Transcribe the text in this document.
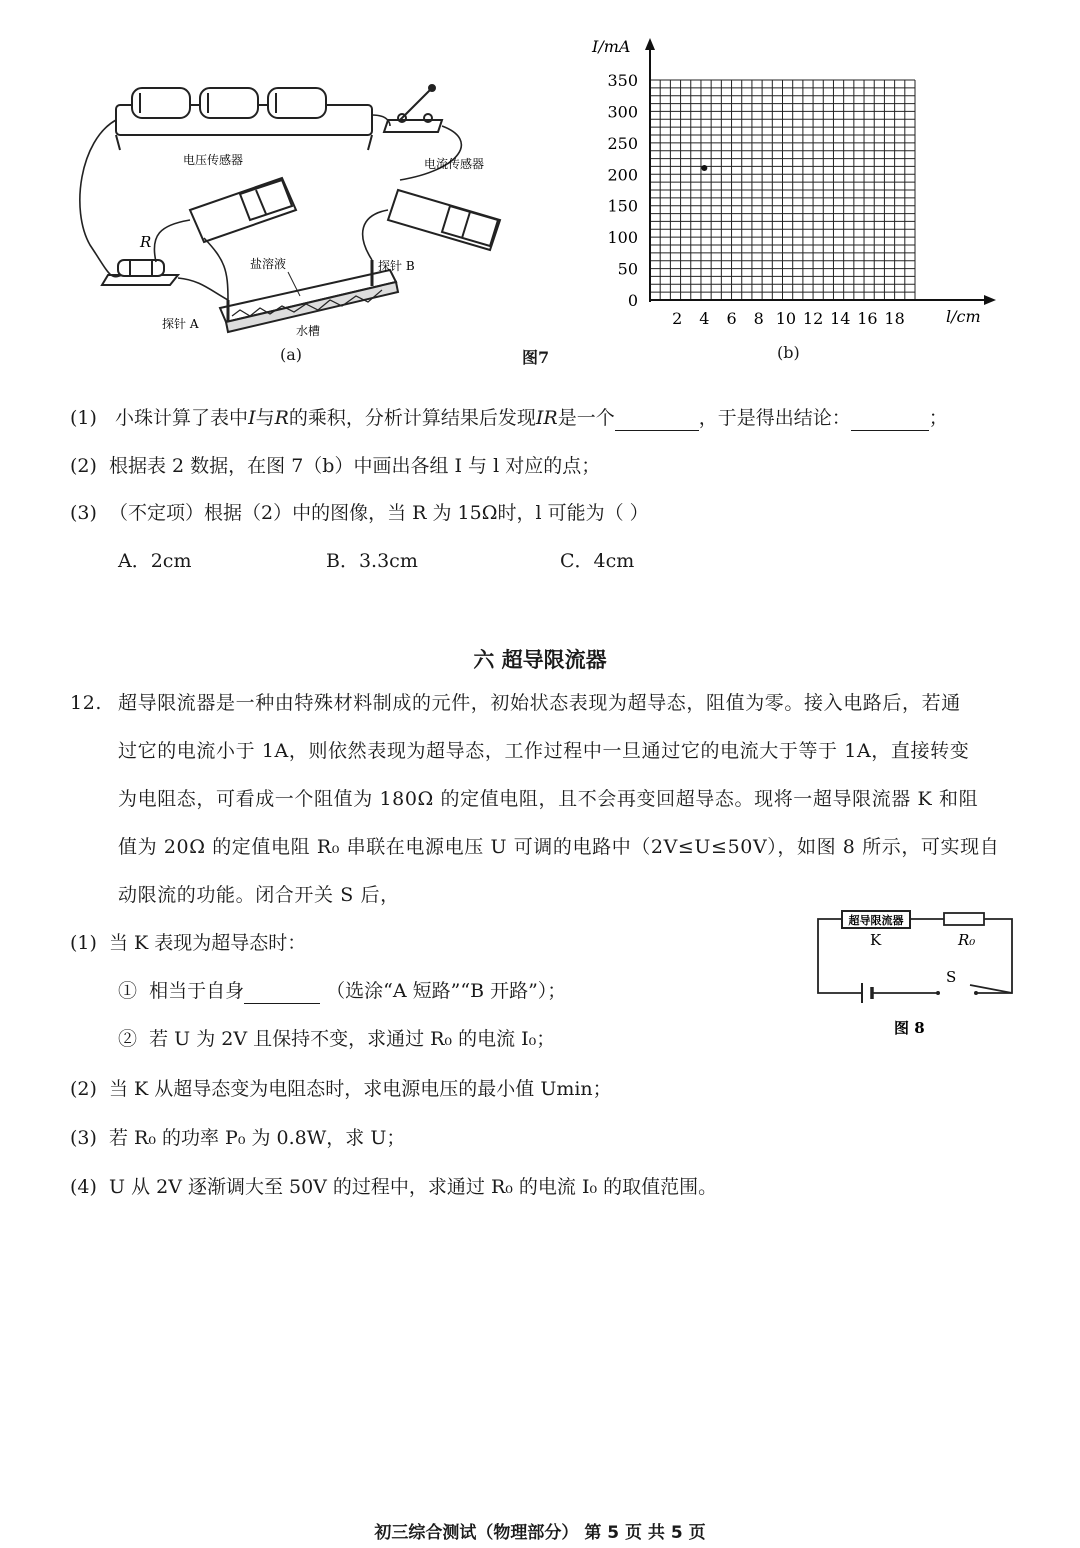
电压传感器	电流传感器
R
盐溶液	探针 B
探针 A	水槽
(a)	图7	(b)
0
50
100
150
200
250
300
350
2 4 6 8 10 12 14 16 18
I/mA
l/cm
(1) 小珠计算了表中I与R的乘积，分析计算结果后发现IR是一个	，于是得出结论：	；
(2) 根据表 2 数据，在图 7（b）中画出各组 I 与 l 对应的点；
(3) （不定项）根据（2）中的图像，当 R 为 15Ω时，l 可能为（ ）
A．2cm	B．3.3cm	C．4cm
六 超导限流器
12. 超导限流器是一种由特殊材料制成的元件，初始状态表现为超导态，阻值为零。接入电路后，若通
过它的电流小于 1A，则依然表现为超导态，工作过程中一旦通过它的电流大于等于 1A，直接转变
为电阻态，可看成一个阻值为 180Ω 的定值电阻，且不会再变回超导态。现将一超导限流器 K 和阻
值为 20Ω 的定值电阻 R₀ 串联在电源电压 U 可调的电路中（2V≤U≤50V），如图 8 所示，可实现自
动限流的功能。闭合开关 S 后，
(1) 当 K 表现为超导态时：
① 相当于自身	（选涂“A 短路”“B 开路”）；
② 若 U 为 2V 且保持不变，求通过 R₀ 的电流 I₀；
(2) 当 K 从超导态变为电阻态时，求电源电压的最小值 Umin；
(3) 若 R₀ 的功率 P₀ 为 0.8W，求 U；
(4) U 从 2V 逐渐调大至 50V 的过程中，求通过 R₀ 的电流 I₀ 的取值范围。
超导限流器
K	R₀
S
图 8
初三综合测试（物理部分） 第 5 页 共 5 页
